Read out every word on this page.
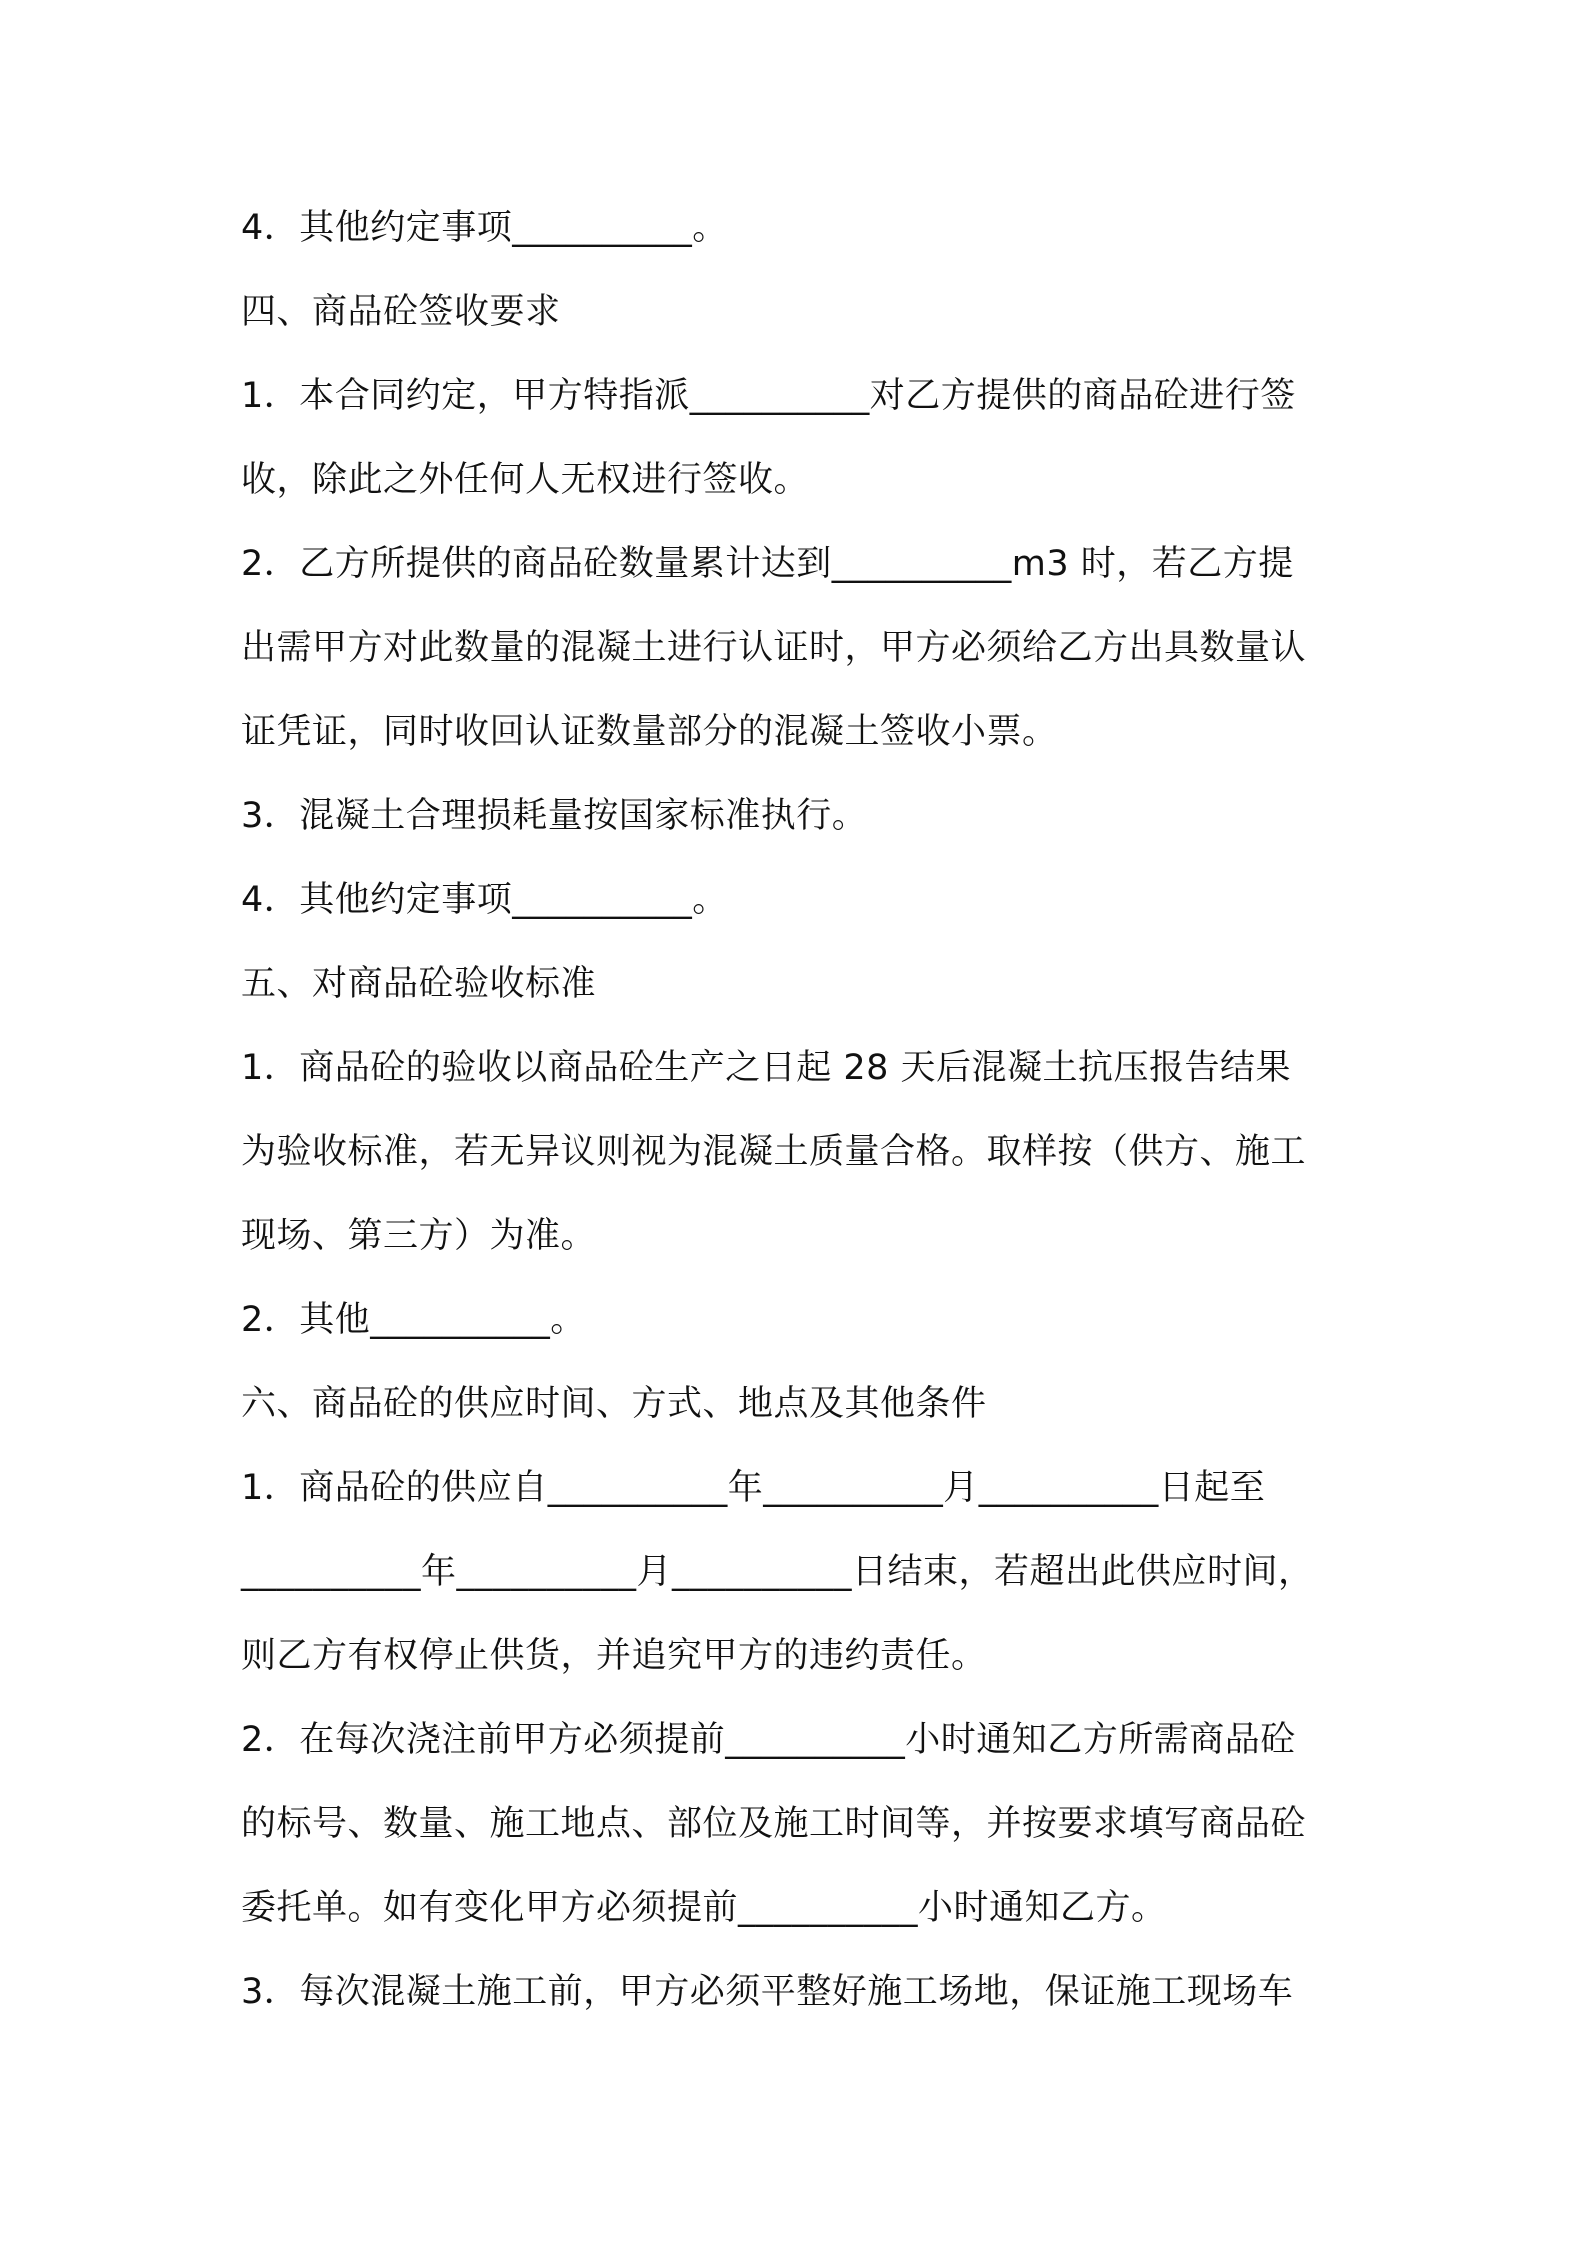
4．其他约定事项__________。
四、商品砼签收要求
1．本合同约定，甲方特指派__________对乙方提供的商品砼进行签
收，除此之外任何人无权进行签收。
2．乙方所提供的商品砼数量累计达到__________m3 时，若乙方提
出需甲方对此数量的混凝土进行认证时，甲方必须给乙方出具数量认
证凭证，同时收回认证数量部分的混凝土签收小票。
3．混凝土合理损耗量按国家标准执行。
4．其他约定事项__________。
五、对商品砼验收标准
1．商品砼的验收以商品砼生产之日起 28 天后混凝土抗压报告结果
为验收标准，若无异议则视为混凝土质量合格。取样按（供方、施工
现场、第三方）为准。
2．其他__________。
六、商品砼的供应时间、方式、地点及其他条件
1．商品砼的供应自__________年__________月__________日起至
__________年__________月__________日结束，若超出此供应时间，
则乙方有权停止供货，并追究甲方的违约责任。
2．在每次浇注前甲方必须提前__________小时通知乙方所需商品砼
的标号、数量、施工地点、部位及施工时间等，并按要求填写商品砼
委托单。如有变化甲方必须提前__________小时通知乙方。
3．每次混凝土施工前，甲方必须平整好施工场地，保证施工现场车
